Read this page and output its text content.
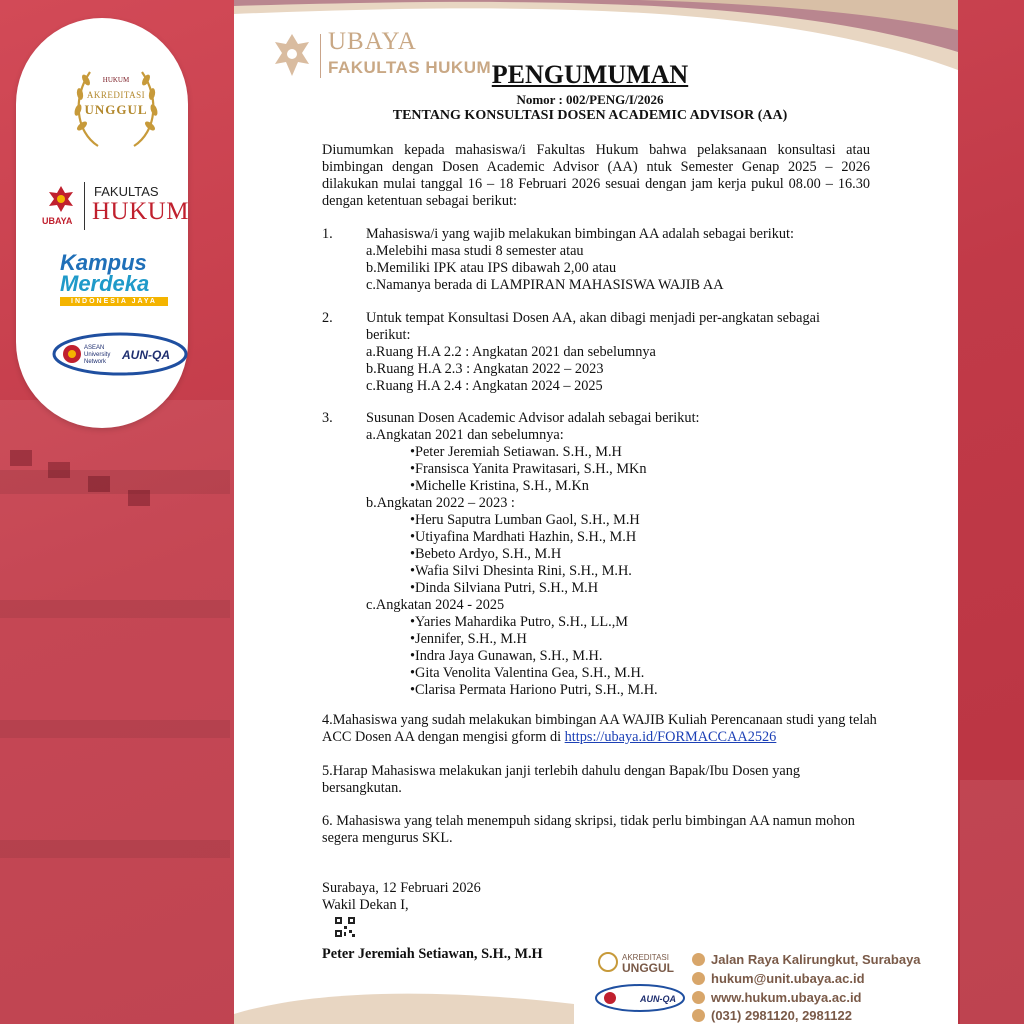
HUKUM
AKREDITASI
UNGGUL
UBAYA
FAKULTAS
HUKUM
Kampus
Merdeka
INDONESIA JAYA
ASEAN
University
Network AUN-QA
UBAYA
FAKULTAS HUKUM PENGUMUMAN
Nomor : 002/PENG/I/2026
TENTANG KONSULTASI DOSEN ACADEMIC ADVISOR (AA)
Diumumkan kepada mahasiswa/i Fakultas Hukum bahwa pelaksanaan konsultasi atau bimbingan dengan Dosen Academic Advisor (AA) ntuk Semester Genap 2025 – 2026 dilakukan mulai tanggal 16 – 18 Februari 2026 sesuai dengan jam kerja pukul 08.00 – 16.30 dengan ketentuan sebagai berikut:
1. Mahasiswa/i yang wajib melakukan bimbingan AA adalah sebagai berikut:
a.Melebihi masa studi 8 semester atau
b.Memiliki IPK atau IPS dibawah 2,00 atau
c.Namanya berada di LAMPIRAN MAHASISWA WAJIB AA
2. Untuk tempat Konsultasi Dosen AA, akan dibagi menjadi per-angkatan sebagai berikut:
a.Ruang H.A 2.2 : Angkatan 2021 dan sebelumnya
b.Ruang H.A 2.3 : Angkatan 2022 – 2023
c.Ruang H.A 2.4 : Angkatan 2024 – 2025
3. Susunan Dosen Academic Advisor adalah sebagai berikut:
a.Angkatan 2021 dan sebelumnya:
•Peter Jeremiah Setiawan. S.H., M.H
•Fransisca Yanita Prawitasari, S.H., MKn
•Michelle Kristina, S.H., M.Kn
b.Angkatan 2022 – 2023 :
•Heru Saputra Lumban Gaol, S.H., M.H
•Utiyafina Mardhati Hazhin, S.H., M.H
•Bebeto Ardyo, S.H., M.H
•Wafia Silvi Dhesinta Rini, S.H., M.H.
•Dinda Silviana Putri, S.H., M.H
c.Angkatan 2024 - 2025
•Yaries Mahardika Putro, S.H., LL.,M
•Jennifer, S.H., M.H
•Indra Jaya Gunawan, S.H., M.H.
•Gita Venolita Valentina Gea, S.H., M.H.
•Clarisa Permata Hariono Putri, S.H., M.H.
4.Mahasiswa yang sudah melakukan bimbingan AA WAJIB Kuliah Perencanaan studi yang telah ACC Dosen AA dengan mengisi gform di https://ubaya.id/FORMACCAA2526
5.Harap Mahasiswa melakukan janji terlebih dahulu dengan Bapak/Ibu Dosen yang bersangkutan.
6. Mahasiswa yang telah menempuh sidang skripsi, tidak perlu bimbingan AA namun mohon segera mengurus SKL.
Surabaya, 12 Februari 2026
Wakil Dekan I,
Peter Jeremiah Setiawan, S.H., M.H	AKREDITASI
UNGGUL
AUN-QA
Jalan Raya Kalirungkut, Surabaya
hukum@unit.ubaya.ac.id
www.hukum.ubaya.ac.id
(031) 2981120, 2981122
